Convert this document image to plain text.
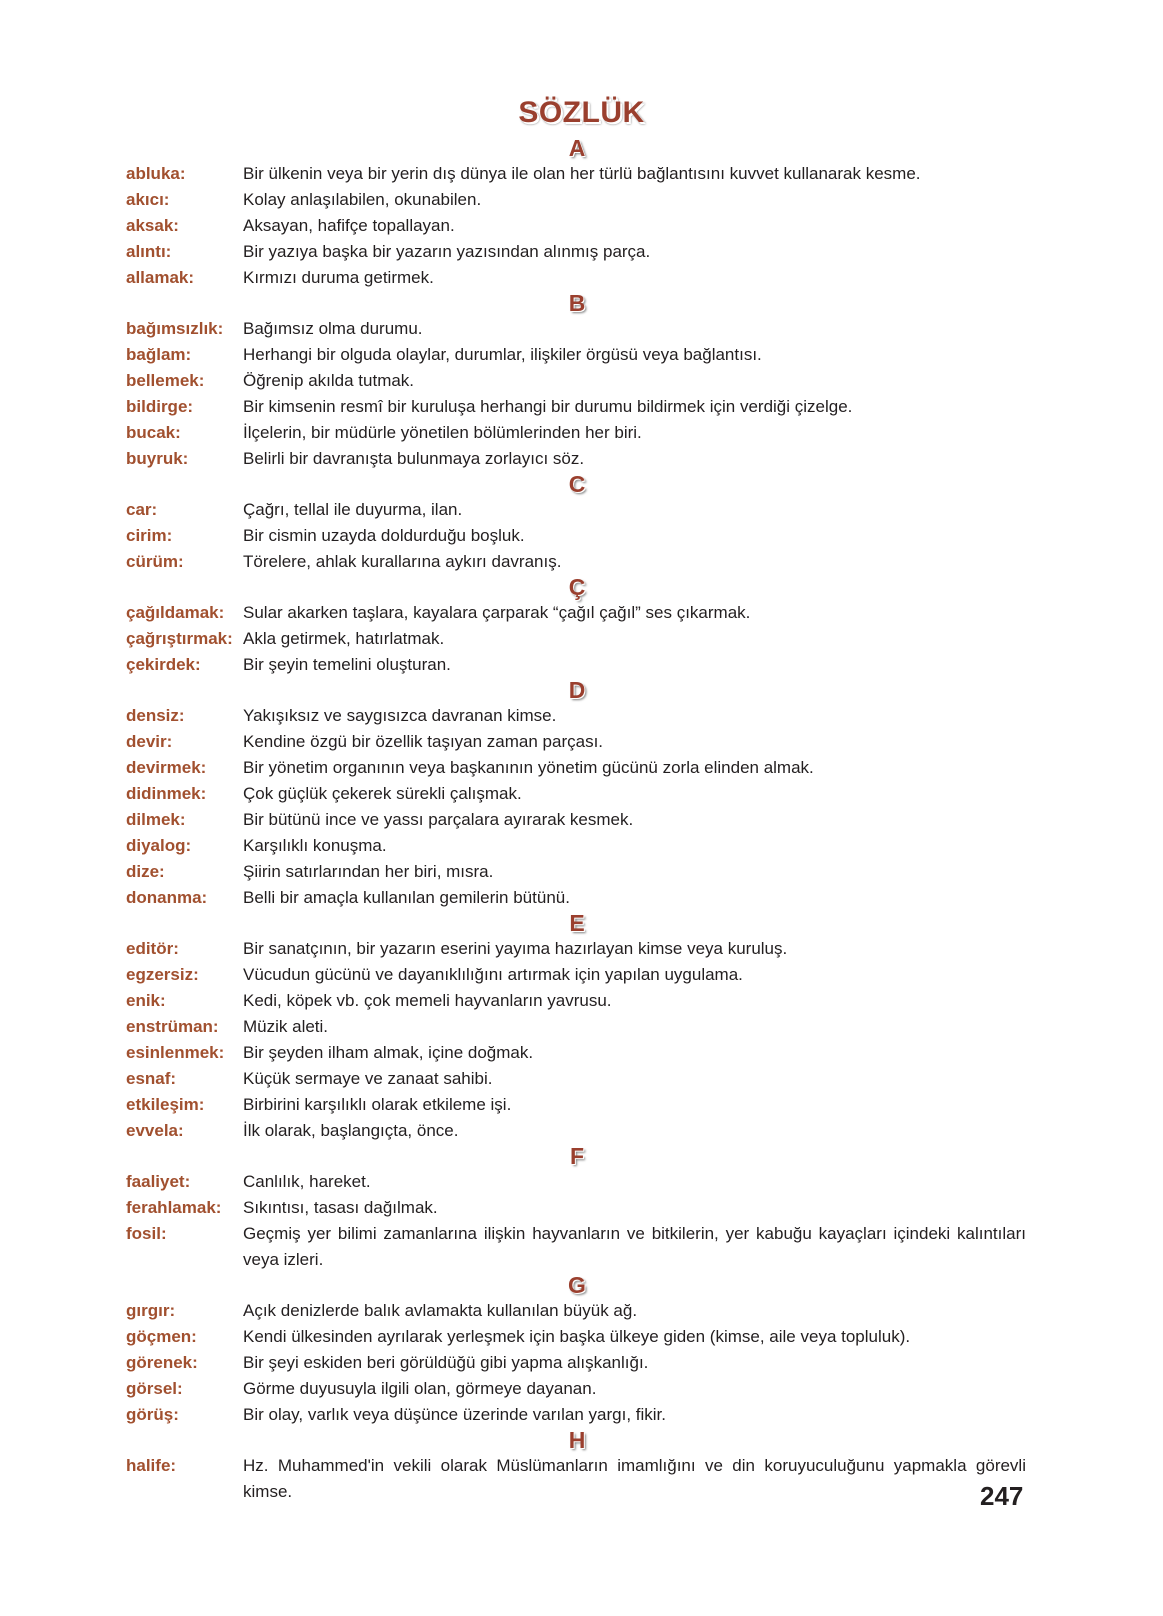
SÖZLÜK
A
abluka:	Bir ülkenin veya bir yerin dış dünya ile olan her türlü bağlantısını kuvvet kullanarak kesme.
akıcı:	Kolay anlaşılabilen, okunabilen.
aksak:	Aksayan, hafifçe topallayan.
alıntı:	Bir yazıya başka bir yazarın yazısından alınmış parça.
allamak:	Kırmızı duruma getirmek.
B
bağımsızlık:	Bağımsız olma durumu.
bağlam:	Herhangi bir olguda olaylar, durumlar, ilişkiler örgüsü veya bağlantısı.
bellemek:	Öğrenip akılda tutmak.
bildirge:	Bir kimsenin resmî bir kuruluşa herhangi bir durumu bildirmek için verdiği çizelge.
bucak:	İlçelerin, bir müdürle yönetilen bölümlerinden her biri.
buyruk:	Belirli bir davranışta bulunmaya zorlayıcı söz.
C
car:	Çağrı, tellal ile duyurma, ilan.
cirim:	Bir cismin uzayda doldurduğu boşluk.
cürüm:	Törelere, ahlak kurallarına aykırı davranış.
Ç
çağıldamak:	Sular akarken taşlara, kayalara çarparak “çağıl çağıl” ses çıkarmak.
çağrıştırmak: Akla getirmek, hatırlatmak.
çekirdek:	Bir şeyin temelini oluşturan.
D
densiz:	Yakışıksız ve saygısızca davranan kimse.
devir:	Kendine özgü bir özellik taşıyan zaman parçası.
devirmek:	Bir yönetim organının veya başkanının yönetim gücünü zorla elinden almak.
didinmek:	Çok güçlük çekerek sürekli çalışmak.
dilmek:	Bir bütünü ince ve yassı parçalara ayırarak kesmek.
diyalog:	Karşılıklı konuşma.
dize:	Şiirin satırlarından her biri, mısra.
donanma:	Belli bir amaçla kullanılan gemilerin bütünü.
E
editör:	Bir sanatçının, bir yazarın eserini yayıma hazırlayan kimse veya kuruluş.
egzersiz:	Vücudun gücünü ve dayanıklılığını artırmak için yapılan uygulama.
enik:	Kedi, köpek vb. çok memeli hayvanların yavrusu.
enstrüman:	Müzik aleti.
esinlenmek:	Bir şeyden ilham almak, içine doğmak.
esnaf:	Küçük sermaye ve zanaat sahibi.
etkileşim:	Birbirini karşılıklı olarak etkileme işi.
evvela:	İlk olarak, başlangıçta, önce.
F
faaliyet:	Canlılık, hareket.
ferahlamak:	Sıkıntısı, tasası dağılmak.
fosil:	Geçmiş yer bilimi zamanlarına ilişkin hayvanların ve bitkilerin, yer kabuğu kayaçları içindeki kalıntıları veya izleri.
G
gırgır:	Açık denizlerde balık avlamakta kullanılan büyük ağ.
göçmen:	Kendi ülkesinden ayrılarak yerleşmek için başka ülkeye giden (kimse, aile veya topluluk).
görenek:	Bir şeyi eskiden beri görüldüğü gibi yapma alışkanlığı.
görsel:	Görme duyusuyla ilgili olan, görmeye dayanan.
görüş:	Bir olay, varlık veya düşünce üzerinde varılan yargı, fikir.
H
halife:	Hz. Muhammed'in vekili olarak Müslümanların imamlığını ve din koruyuculuğunu yapmakla görevli kimse.	247
